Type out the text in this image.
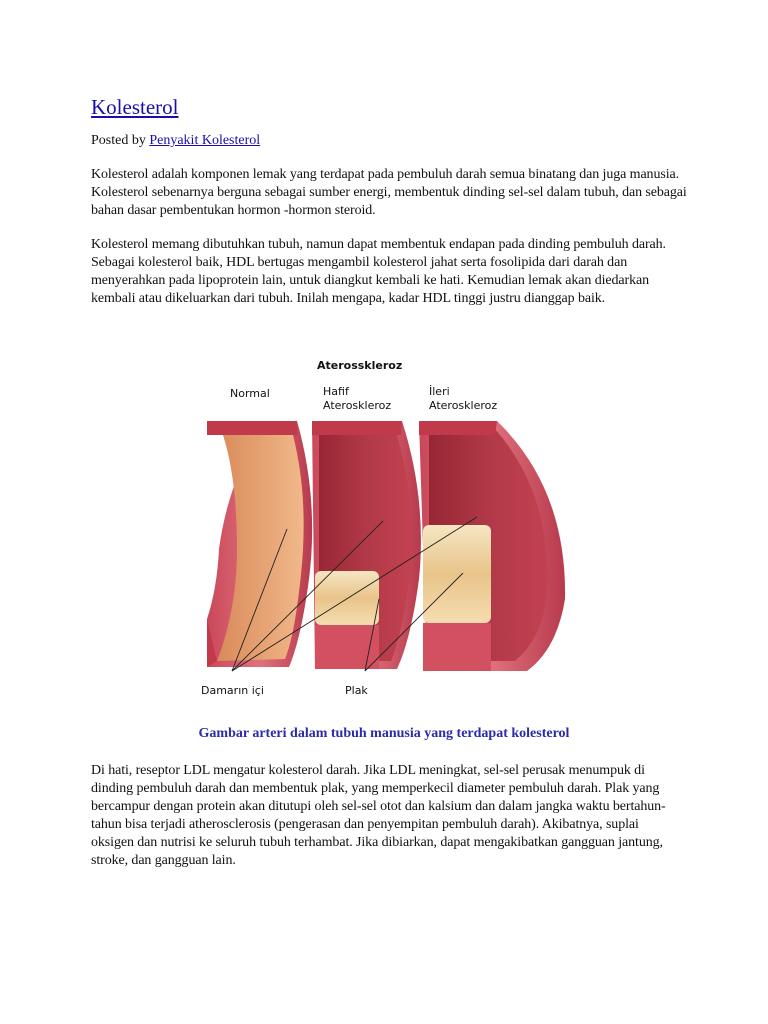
Kolesterol
Posted by Penyakit Kolesterol

Kolesterol adalah komponen lemak yang terdapat pada pembuluh darah semua binatang dan juga manusia. Kolesterol sebenarnya berguna sebagai sumber energi, membentuk dinding sel-sel dalam tubuh, dan sebagai bahan dasar pembentukan hormon -hormon steroid.

Kolesterol memang dibutuhkan tubuh, namun dapat membentuk endapan pada dinding pembuluh darah. Sebagai kolesterol baik, HDL bertugas mengambil kolesterol jahat serta fosolipida dari darah dan menyerahkan pada lipoprotein lain, untuk diangkut kembali ke hati. Kemudian lemak akan diedarkan kembali atau dikeluarkan dari tubuh. Inilah mengapa, kadar HDL tinggi justru dianggap baik.

Aterosskleroz
Normal	Hafif
Ateroskleroz
İleri
Ateroskleroz
Damarın içi	Plak
Gambar arteri dalam tubuh manusia yang terdapat kolesterol

Di hati, reseptor LDL mengatur kolesterol darah. Jika LDL meningkat, sel-sel perusak menumpuk di dinding pembuluh darah dan membentuk plak, yang memperkecil diameter pembuluh darah. Plak yang bercampur dengan protein akan ditutupi oleh sel-sel otot dan kalsium dan dalam jangka waktu bertahun-tahun bisa terjadi atherosclerosis (pengerasan dan penyempitan pembuluh darah). Akibatnya, suplai oksigen dan nutrisi ke seluruh tubuh terhambat. Jika dibiarkan, dapat mengakibatkan gangguan jantung, stroke, dan gangguan lain.
